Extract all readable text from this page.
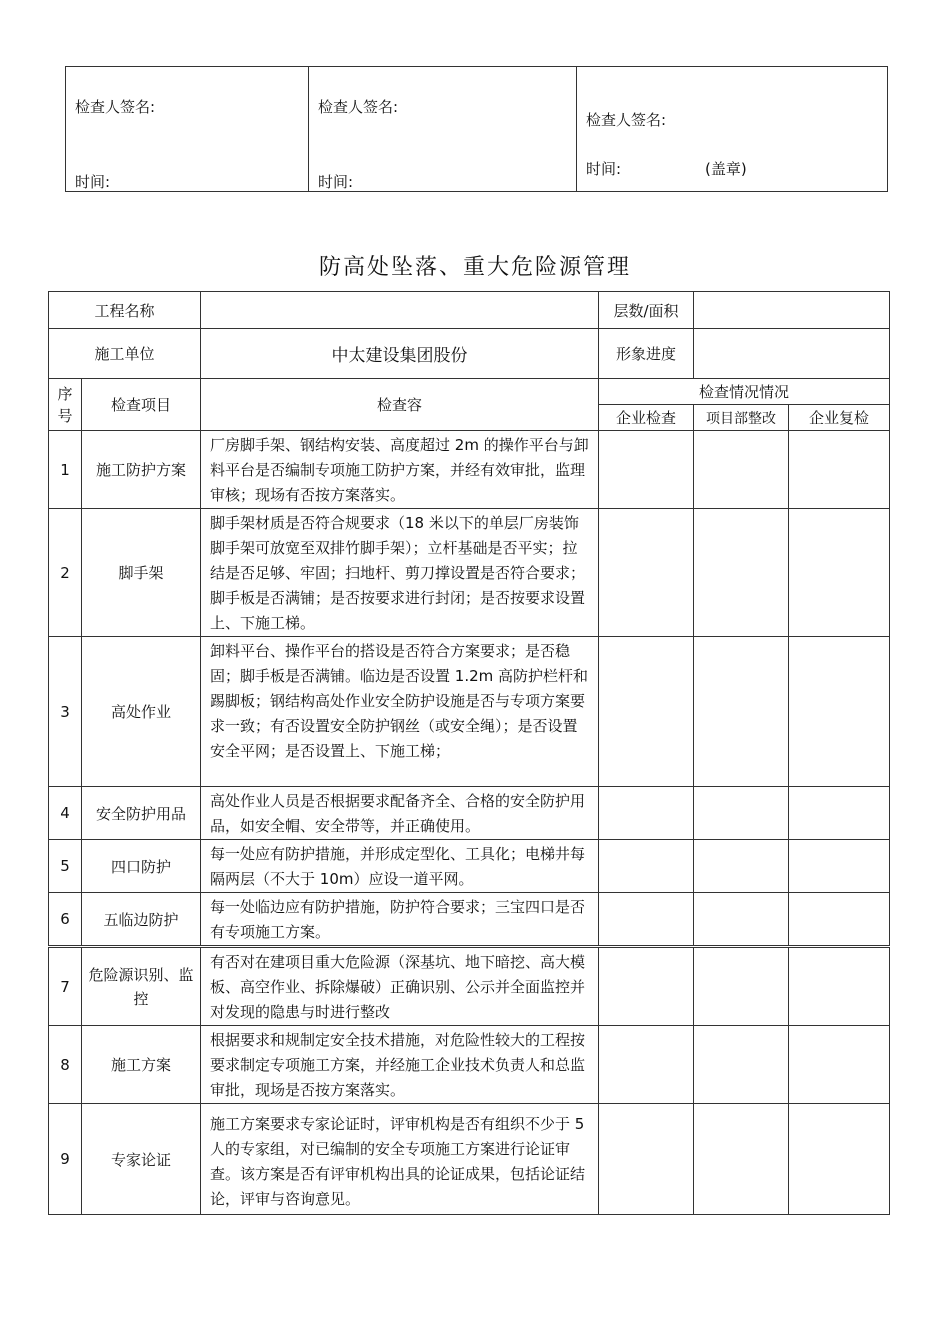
检查人签名:
时间:

检查人签名:
时间:

检查人签名:
时间:	(盖章)
防高处坠落、重大危险源管理
工程名称			层数/面积		
施工单位		中太建设集团股份	形象进度		
序号	检查项目	检查容	检查情况情况		
			企业检查	项目部整改	企业复检
1	施工防护方案	厂房脚手架、钢结构安装、高度超过 2m 的操作平台与卸料平台是否编制专项施工防护方案，并经有效审批，监理审核；现场有否按方案落实。			
2	脚手架	脚手架材质是否符合规要求（18 米以下的单层厂房装饰脚手架可放宽至双排竹脚手架）；立杆基础是否平实；拉结是否足够、牢固；扫地杆、剪刀撑设置是否符合要求；脚手板是否满铺；是否按要求进行封闭；是否按要求设置上、下施工梯。			
3	高处作业	卸料平台、操作平台的搭设是否符合方案要求；是否稳固；脚手板是否满铺。临边是否设置 1.2m 高防护栏杆和踢脚板；钢结构高处作业安全防护设施是否与专项方案要求一致；有否设置安全防护钢丝（或安全绳）；是否设置安全平网；是否设置上、下施工梯；			
4	安全防护用品	高处作业人员是否根据要求配备齐全、合格的安全防护用品，如安全帽、安全带等，并正确使用。			
5	四口防护	每一处应有防护措施，并形成定型化、工具化；电梯井每隔两层（不大于 10m）应设一道平网。			
6	五临边防护	每一处临边应有防护措施，防护符合要求；三宝四口是否有专项施工方案。			
7	危险源识别、监控	有否对在建项目重大危险源（深基坑、地下暗挖、高大模板、高空作业、拆除爆破）正确识别、公示并全面监控并对发现的隐患与时进行整改			
8	施工方案	根据要求和规制定安全技术措施，对危险性较大的工程按要求制定专项施工方案，并经施工企业技术负责人和总监审批，现场是否按方案落实。			
9	专家论证	施工方案要求专家论证时，评审机构是否有组织不少于 5 人的专家组，对已编制的安全专项施工方案进行论证审查。该方案是否有评审机构出具的论证成果，包括论证结论，评审与咨询意见。			
